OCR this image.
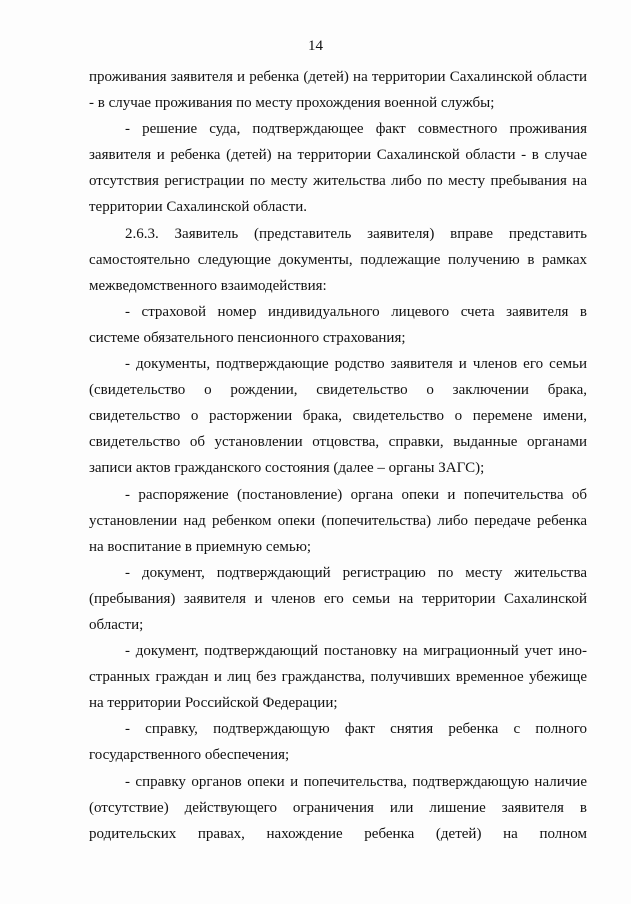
14
проживания заявителя и ребенка (детей) на территории Сахалинской области
- в случае проживания по месту прохождения военной службы;
- решение суда, подтверждающее факт совместного проживания
заявителя и ребенка (детей) на территории Сахалинской области - в случае
отсутствия регистрации по месту жительства либо по месту пребывания на
территории Сахалинской области.
2.6.3. Заявитель (представитель заявителя) вправе представить
самостоятельно следующие документы, подлежащие получению в рамках
межведомственного взаимодействия:
- страховой номер индивидуального лицевого счета заявителя в
системе обязательного пенсионного страхования;
- документы, подтверждающие родство заявителя и членов его семьи
(свидетельство о рождении, свидетельство о заключении брака,
свидетельство о расторжении брака, свидетельство о перемене имени,
свидетельство об установлении отцовства, справки, выданные органами
записи актов гражданского состояния (далее – органы ЗАГС);
- распоряжение (постановление) органа опеки и попечительства об
установлении над ребенком опеки (попечительства) либо передаче ребенка
на воспитание в приемную семью;
- документ, подтверждающий регистрацию по месту жительства
(пребывания) заявителя и членов его семьи на территории Сахалинской
области;
- документ, подтверждающий постановку на миграционный учет ино-
странных граждан и лиц без гражданства, получивших временное убежище
на территории Российской Федерации;
- справку, подтверждающую факт снятия ребенка с полного
государственного обеспечения;
- справку органов опеки и попечительства, подтверждающую наличие
(отсутствие) действующего ограничения или лишение заявителя в
родительских правах, нахождение ребенка (детей) на полном
